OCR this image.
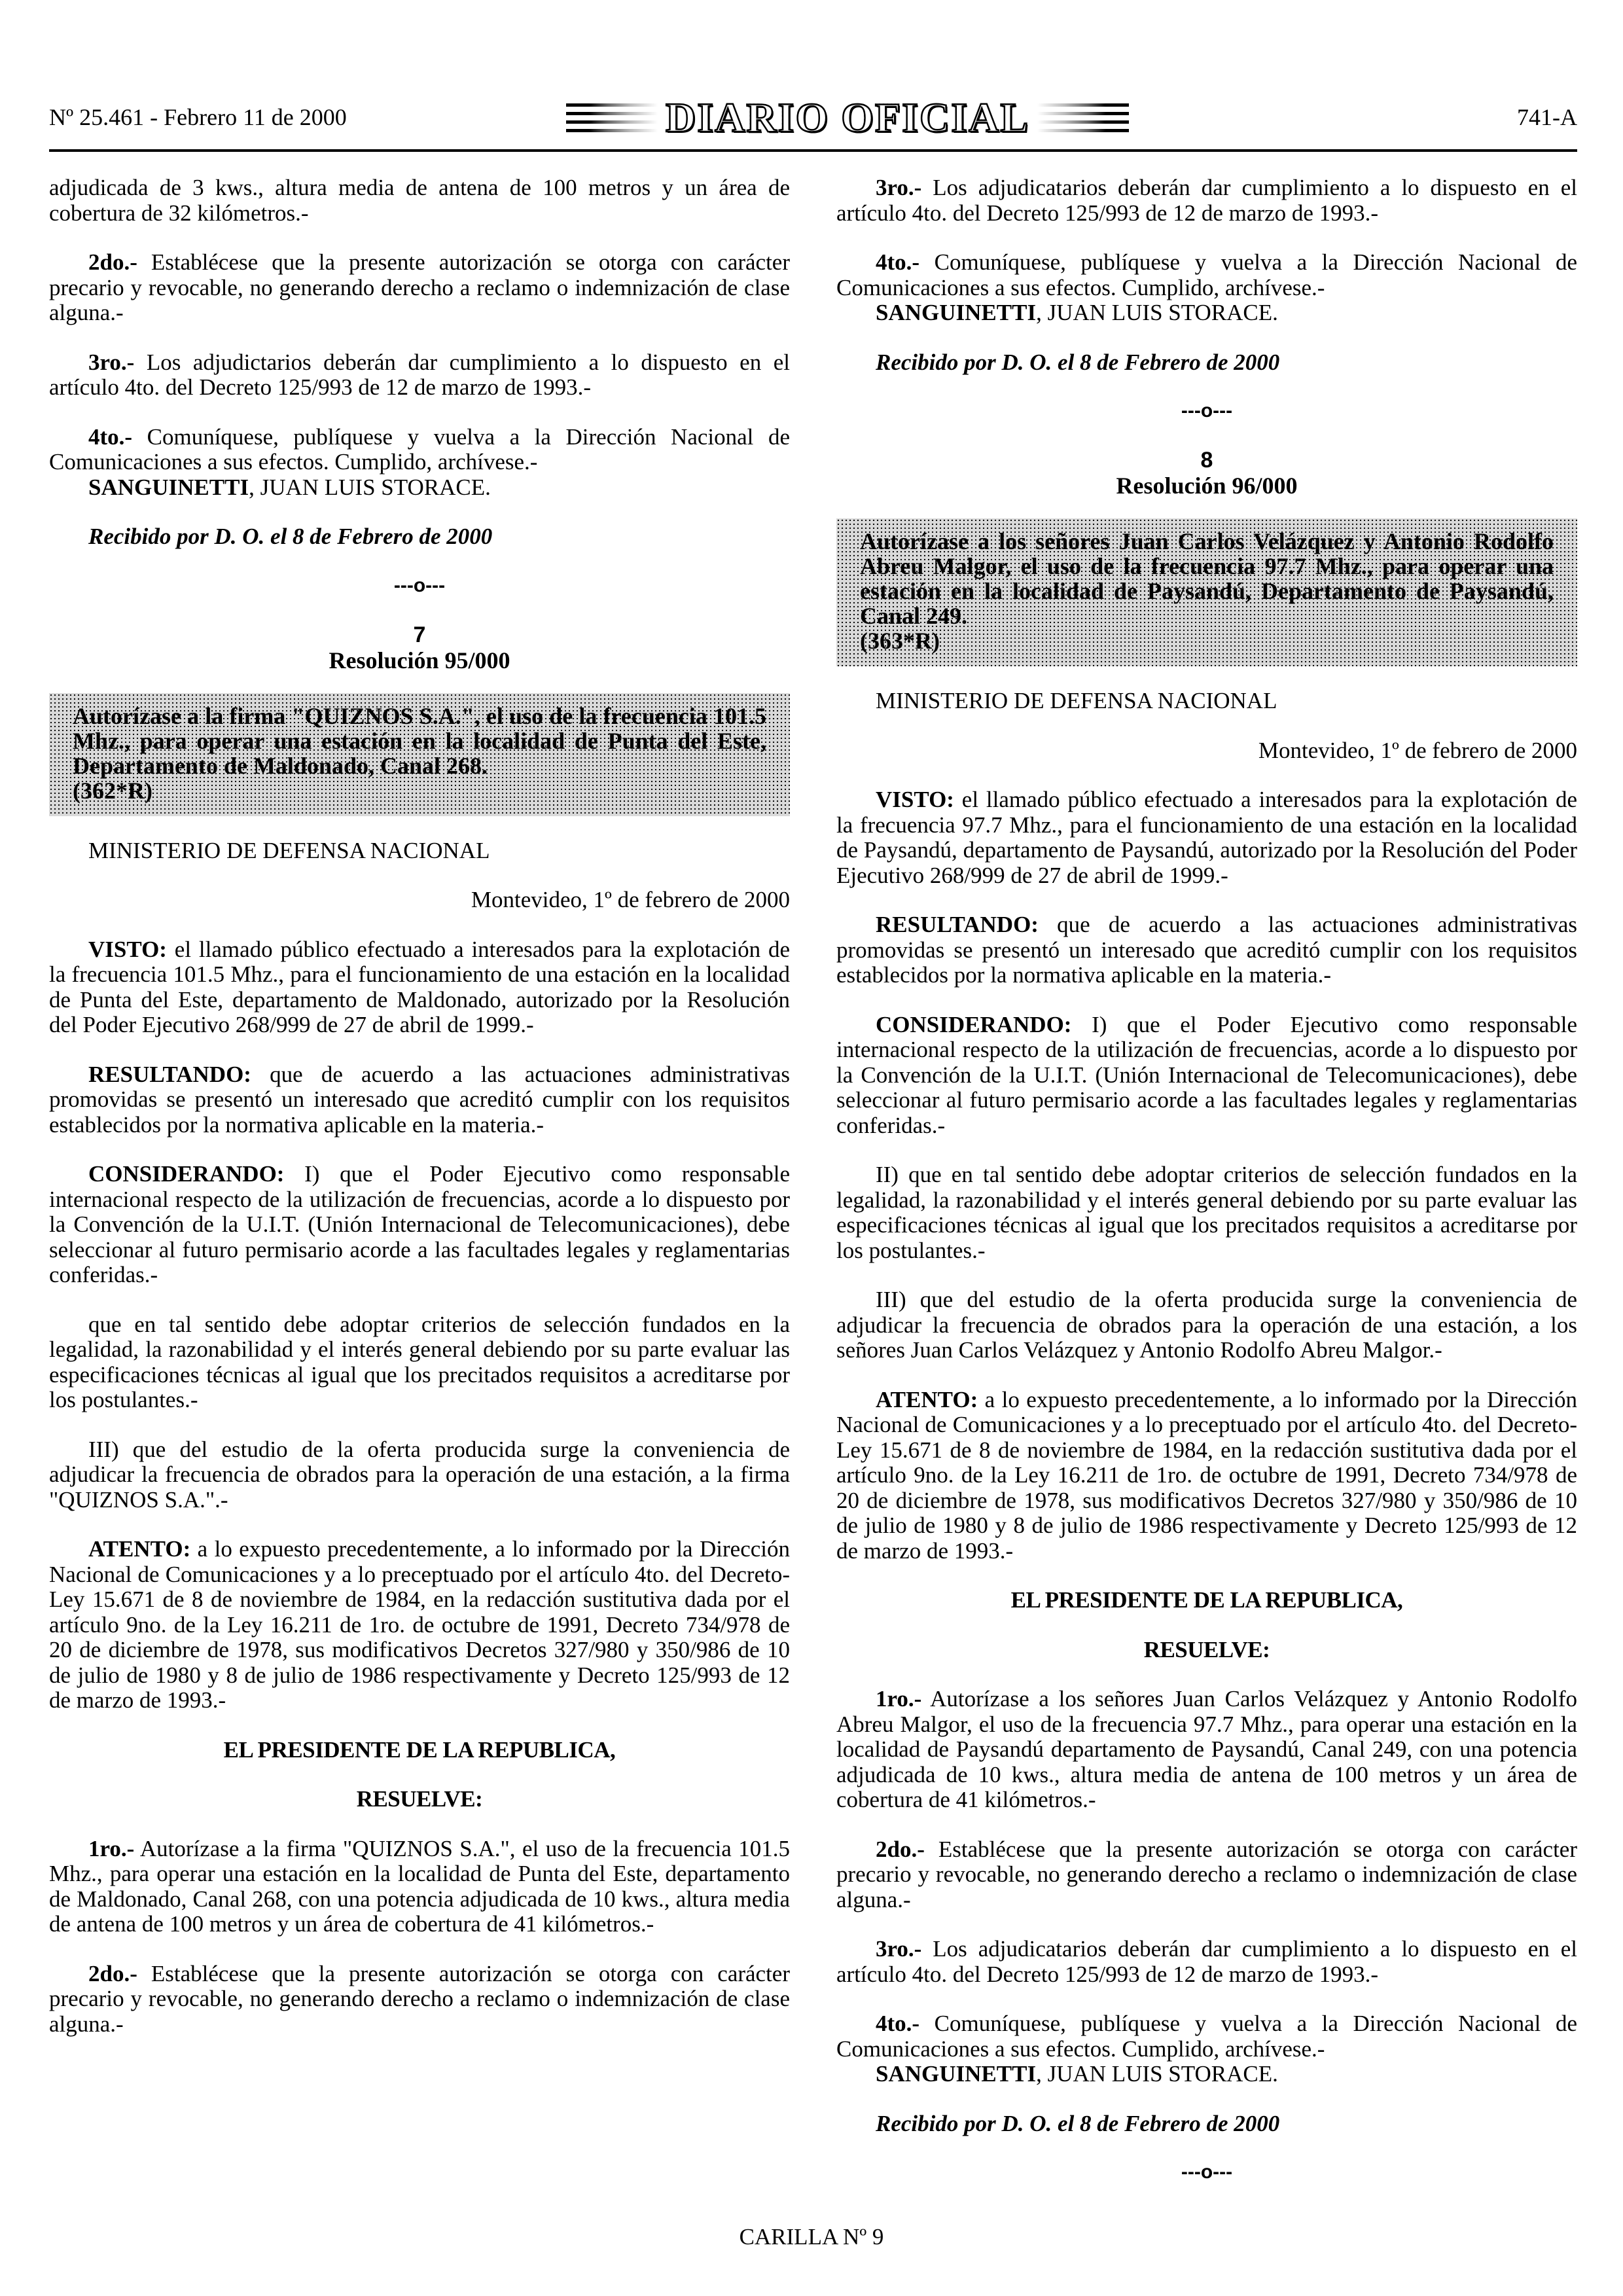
Nº 25.461 - Febrero 11 de 2000	DIARIO OFICIAL	741-A

adjudicada de 3 kws., altura media de antena de 100 metros y un área de cobertura de 32 kilómetros.-

2do.- Establécese que la presente autorización se otorga con carácter precario y revocable, no generando derecho a reclamo o indemnización de clase alguna.-

3ro.- Los adjudictarios deberán dar cumplimiento a lo dispuesto en el artículo 4to. del Decreto 125/993 de 12 de marzo de 1993.-

4to.- Comuníquese, publíquese y vuelva a la Dirección Nacional de Comunicaciones a sus efectos. Cumplido, archívese.-

SANGUINETTI, JUAN LUIS STORACE.

Recibido por D. O. el 8 de Febrero de 2000

---o---
7
Resolución 95/000
Autorízase a la firma "QUIZNOS S.A.", el uso de la frecuencia 101.5 Mhz., para operar una estación en la localidad de Punta del Este, Departamento de Maldonado, Canal 268.
(362*R)

MINISTERIO DE DEFENSA NACIONAL

Montevideo, 1º de febrero de 2000

VISTO: el llamado público efectuado a interesados para la explotación de la frecuencia 101.5 Mhz., para el funcionamiento de una estación en la localidad de Punta del Este, departamento de Maldonado, autorizado por la Resolución del Poder Ejecutivo 268/999 de 27 de abril de 1999.-

RESULTANDO: que de acuerdo a las actuaciones administrativas promovidas se presentó un interesado que acreditó cumplir con los requisitos establecidos por la normativa aplicable en la materia.-

CONSIDERANDO: I) que el Poder Ejecutivo como responsable internacional respecto de la utilización de frecuencias, acorde a lo dispuesto por la Convención de la U.I.T. (Unión Internacional de Telecomunicaciones), debe seleccionar al futuro permisario acorde a las facultades legales y reglamentarias conferidas.-

que en tal sentido debe adoptar criterios de selección fundados en la legalidad, la razonabilidad y el interés general debiendo por su parte evaluar las especificaciones técnicas al igual que los precitados requisitos a acreditarse por los postulantes.-

III) que del estudio de la oferta producida surge la conveniencia de adjudicar la frecuencia de obrados para la operación de una estación, a la firma "QUIZNOS S.A.".-

ATENTO: a lo expuesto precedentemente, a lo informado por la Dirección Nacional de Comunicaciones y a lo preceptuado por el artículo 4to. del Decreto-Ley 15.671 de 8 de noviembre de 1984, en la redacción sustitutiva dada por el artículo 9no. de la Ley 16.211 de 1ro. de octubre de 1991, Decreto 734/978 de 20 de diciembre de 1978, sus modificativos Decretos 327/980 y 350/986 de 10 de julio de 1980 y 8 de julio de 1986 respectivamente y Decreto 125/993 de 12 de marzo de 1993.-

EL PRESIDENTE DE LA REPUBLICA,

RESUELVE:

1ro.- Autorízase a la firma "QUIZNOS S.A.", el uso de la frecuencia 101.5 Mhz., para operar una estación en la localidad de Punta del Este, departamento de Maldonado, Canal 268, con una potencia adjudicada de 10 kws., altura media de antena de 100 metros y un área de cobertura de 41 kilómetros.-

2do.- Establécese que la presente autorización se otorga con carácter precario y revocable, no generando derecho a reclamo o indemnización de clase alguna.-

3ro.- Los adjudicatarios deberán dar cumplimiento a lo dispuesto en el artículo 4to. del Decreto 125/993 de 12 de marzo de 1993.-

4to.- Comuníquese, publíquese y vuelva a la Dirección Nacional de Comunicaciones a sus efectos. Cumplido, archívese.-

SANGUINETTI, JUAN LUIS STORACE.

Recibido por D. O. el 8 de Febrero de 2000

---o---
8
Resolución 96/000
Autorízase a los señores Juan Carlos Velázquez y Antonio Rodolfo Abreu Malgor, el uso de la frecuencia 97.7 Mhz., para operar una estación en la localidad de Paysandú, Departamento de Paysandú, Canal 249.
(363*R)

MINISTERIO DE DEFENSA NACIONAL

Montevideo, 1º de febrero de 2000

VISTO: el llamado público efectuado a interesados para la explotación de la frecuencia 97.7 Mhz., para el funcionamiento de una estación en la localidad de Paysandú, departamento de Paysandú, autorizado por la Resolución del Poder Ejecutivo 268/999 de 27 de abril de 1999.-

RESULTANDO: que de acuerdo a las actuaciones administrativas promovidas se presentó un interesado que acreditó cumplir con los requisitos establecidos por la normativa aplicable en la materia.-

CONSIDERANDO: I) que el Poder Ejecutivo como responsable internacional respecto de la utilización de frecuencias, acorde a lo dispuesto por la Convención de la U.I.T. (Unión Internacional de Telecomunicaciones), debe seleccionar al futuro permisario acorde a las facultades legales y reglamentarias conferidas.-

II) que en tal sentido debe adoptar criterios de selección fundados en la legalidad, la razonabilidad y el interés general debiendo por su parte evaluar las especificaciones técnicas al igual que los precitados requisitos a acreditarse por los postulantes.-

III) que del estudio de la oferta producida surge la conveniencia de adjudicar la frecuencia de obrados para la operación de una estación, a los señores Juan Carlos Velázquez y Antonio Rodolfo Abreu Malgor.-

ATENTO: a lo expuesto precedentemente, a lo informado por la Dirección Nacional de Comunicaciones y a lo preceptuado por el artículo 4to. del Decreto-Ley 15.671 de 8 de noviembre de 1984, en la redacción sustitutiva dada por el artículo 9no. de la Ley 16.211 de 1ro. de octubre de 1991, Decreto 734/978 de 20 de diciembre de 1978, sus modificativos Decretos 327/980 y 350/986 de 10 de julio de 1980 y 8 de julio de 1986 respectivamente y Decreto 125/993 de 12 de marzo de 1993.-

EL PRESIDENTE DE LA REPUBLICA,

RESUELVE:

1ro.- Autorízase a los señores Juan Carlos Velázquez y Antonio Rodolfo Abreu Malgor, el uso de la frecuencia 97.7 Mhz., para operar una estación en la localidad de Paysandú departamento de Paysandú, Canal 249, con una potencia adjudicada de 10 kws., altura media de antena de 100 metros y un área de cobertura de 41 kilómetros.-

2do.- Establécese que la presente autorización se otorga con carácter precario y revocable, no generando derecho a reclamo o indemnización de clase alguna.-

3ro.- Los adjudicatarios deberán dar cumplimiento a lo dispuesto en el artículo 4to. del Decreto 125/993 de 12 de marzo de 1993.-

4to.- Comuníquese, publíquese y vuelva a la Dirección Nacional de Comunicaciones a sus efectos. Cumplido, archívese.-

SANGUINETTI, JUAN LUIS STORACE.

Recibido por D. O. el 8 de Febrero de 2000

---o---
CARILLA Nº 9
